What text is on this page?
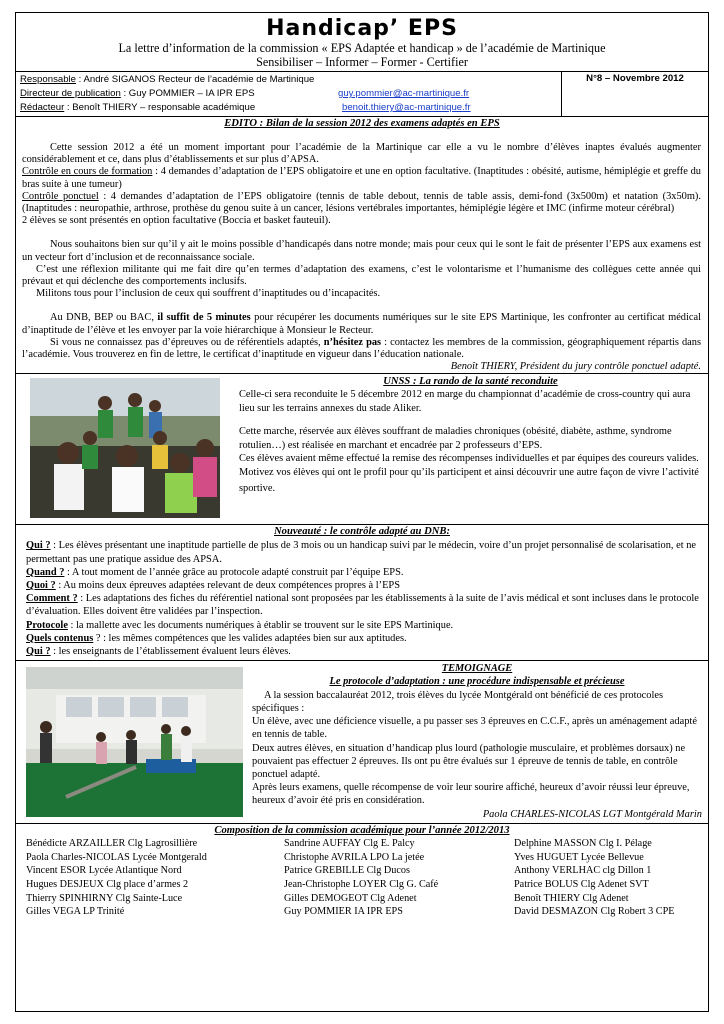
Handicap’ EPS
La lettre d’information de la commission « EPS Adaptée et handicap » de l’académie de Martinique
Sensibiliser – Informer – Former - Certifier
Responsable : André SIGANOS Recteur de l’académie de Martinique
Directeur de publication : Guy POMMIER – IA IPR EPS	guy.pommier@ac-martinique.fr
Rédacteur : Benoît THIERY – responsable académique	benoit.thiery@ac-martinique.fr
N°8 – Novembre 2012
EDITO : Bilan de la session 2012 des examens adaptés en EPS

Cette session 2012 a été un moment important pour l’académie de la Martinique car elle a vu le nombre d’élèves inaptes évalués augmenter considérablement et ce, dans plus d’établissements et sur plus d’APSA.

Contrôle en cours de formation : 4 demandes d’adaptation de l’EPS obligatoire et une en option facultative. (Inaptitudes : obésité, autisme, hémiplégie et greffe du bras suite à une tumeur)

Contrôle ponctuel : 4 demandes d’adaptation de l’EPS obligatoire (tennis de table debout, tennis de table assis, demi-fond (3x500m) et natation (3x50m). (Inaptitudes : neuropathie, arthrose, prothèse du genou suite à un cancer, lésions vertébrales importantes, hémiplégie légère et IMC (infirme moteur cérébral)

2 élèves se sont présentés en option facultative (Boccia et basket fauteuil).

Nous souhaitons bien sur qu’il y ait le moins possible d’handicapés dans notre monde; mais pour ceux qui le sont le fait de présenter l’EPS aux examens est un vecteur fort d’inclusion et de reconnaissance sociale.

C’est une réflexion militante qui me fait dire qu’en termes d’adaptation des examens, c’est le volontarisme et l’humanisme des collègues cette année qui prévaut et qui déclenche des comportements inclusifs.

Militons tous pour l’inclusion de ceux qui souffrent d’inaptitudes ou d’incapacités.

Au DNB, BEP ou BAC, il suffit de 5 minutes pour récupérer les documents numériques sur le site EPS Martinique, les confronter au certificat médical d’inaptitude de l’élève et les envoyer par la voie hiérarchique à Monsieur le Recteur.

Si vous ne connaissez pas d’épreuves ou de référentiels adaptés, n’hésitez pas : contactez les membres de la commission, géographiquement répartis dans l’académie. Vous trouverez en fin de lettre, le certificat d’inaptitude en vigueur dans l’éducation nationale.

Benoît THIERY, Président du jury contrôle ponctuel adapté.

UNSS : La rando de la santé reconduite

Celle-ci sera reconduite le 5 décembre 2012 en marge du championnat d’académie de cross-country qui aura lieu sur les terrains annexes du stade Aliker.

Cette marche, réservée aux élèves souffrant de maladies chroniques (obésité, diabète, asthme, syndrome rotulien…) est réalisée en marchant et encadrée par 2 professeurs d’EPS.

Ces élèves avaient même effectué la remise des récompenses individuelles et par équipes des coureurs valides.

Motivez vos élèves qui ont le profil pour qu’ils participent et ainsi découvrir une autre façon de vivre l’activité sportive.

Nouveauté : le contrôle adapté au DNB:

Qui ? : Les élèves présentant une inaptitude partielle de plus de 3 mois ou un handicap suivi par le médecin, voire d’un projet personnalisé de scolarisation, et ne permettant pas une pratique assidue des APSA.

Quand ? : A tout moment de l’année grâce au protocole adapté construit par l’équipe EPS.

Quoi ? : Au moins deux épreuves adaptées relevant de deux compétences propres à l’EPS

Comment ? : Les adaptations des fiches du référentiel national sont proposées par les établissements à la suite de l’avis médical et sont incluses dans le protocole d’évaluation. Elles doivent être validées par l’inspection.

Protocole : la mallette avec les documents numériques à établir se trouvent sur le site EPS Martinique.

Quels contenus ? : les mêmes compétences que les valides adaptées bien sur aux aptitudes.

Qui ? : les enseignants de l’établissement évaluent leurs élèves.

TEMOIGNAGE
Le protocole d’adaptation : une procédure indispensable et précieuse

A la session baccalauréat 2012, trois élèves du lycée Montgérald ont bénéficié de ces protocoles spécifiques :

Un élève, avec une déficience visuelle, a pu passer ses 3 épreuves en C.C.F., après un aménagement adapté en tennis de table.

Deux autres élèves, en situation d’handicap plus lourd (pathologie musculaire, et problèmes dorsaux) ne pouvaient pas effectuer 2 épreuves. Ils ont pu être évalués sur 1 épreuve de tennis de table, en contrôle ponctuel adapté.

Après leurs examens, quelle récompense de voir leur sourire affiché, heureux d’avoir réussi leur épreuve, heureux d’avoir été pris en considération.

Paola CHARLES-NICOLAS LGT Montgérald Marin

Composition de la commission académique pour l’année 2012/2013
Bénédicte ARZAILLER Clg Lagrosillière	Sandrine AUFFAY Clg E. Palcy	Delphine MASSON Clg I. Pélage
Paola Charles-NICOLAS Lycée Montgerald	Christophe AVRILA LPO La jetée	Yves HUGUET Lycée Bellevue
Vincent ESOR Lycée Atlantique Nord	Patrice GREBILLE Clg Ducos	Anthony VERLHAC clg Dillon 1
Hugues DESJEUX Clg place d’armes 2	Jean-Christophe LOYER Clg G. Café	Patrice BOLUS Clg Adenet SVT
Thierry SPINHIRNY Clg Sainte-Luce	Gilles DEMOGEOT Clg Adenet	Benoît THIERY Clg Adenet
Gilles VEGA LP Trinité	Guy POMMIER IA IPR EPS	David DESMAZON Clg Robert 3 CPE
